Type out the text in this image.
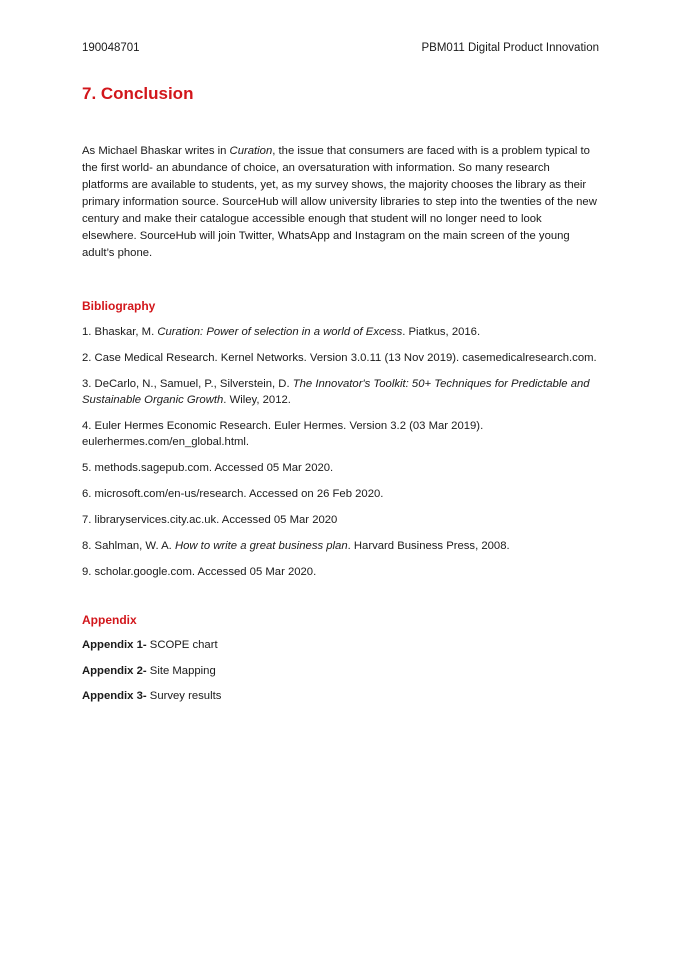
190048701	PBM011 Digital Product Innovation
7. Conclusion

As Michael Bhaskar writes in Curation, the issue that consumers are faced with is a problem typical to the first world- an abundance of choice, an oversaturation with information. So many research platforms are available to students, yet, as my survey shows, the majority chooses the library as their primary information source. SourceHub will allow university libraries to step into the twenties of the new century and make their catalogue accessible enough that student will no longer need to look elsewhere. SourceHub will join Twitter, WhatsApp and Instagram on the main screen of the young adult’s phone.

Bibliography
1. Bhaskar, M. Curation: Power of selection in a world of Excess. Piatkus, 2016.
2. Case Medical Research. Kernel Networks. Version 3.0.11 (13 Nov 2019). casemedicalresearch.com.
3. DeCarlo, N., Samuel, P., Silverstein, D. The Innovator's Toolkit: 50+ Techniques for Predictable and Sustainable Organic Growth. Wiley, 2012.
4. Euler Hermes Economic Research. Euler Hermes. Version 3.2 (03 Mar 2019). eulerhermes.com/en_global.html.
5. methods.sagepub.com. Accessed 05 Mar 2020.
6. microsoft.com/en-us/research. Accessed on 26 Feb 2020.
7. libraryservices.city.ac.uk. Accessed 05 Mar 2020
8. Sahlman, W. A. How to write a great business plan. Harvard Business Press, 2008.
9. scholar.google.com. Accessed 05 Mar 2020.
Appendix
Appendix 1- SCOPE chart
Appendix 2- Site Mapping
Appendix 3- Survey results
